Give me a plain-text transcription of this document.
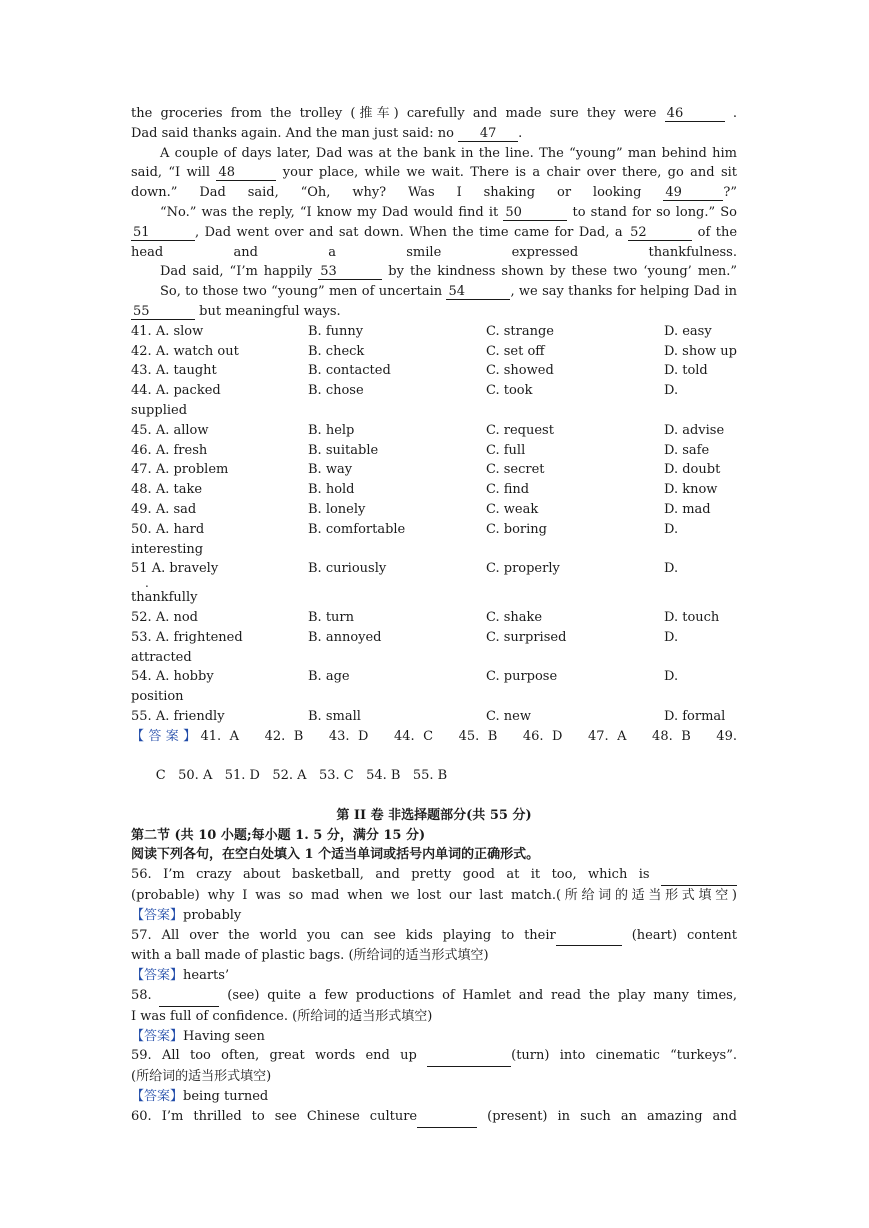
the groceries from the trolley (推车) carefully and made sure they were 46	.

Dad said thanks again. And the man just said: no 47 .

A couple of days later, Dad was at the bank in the line. The “young” man behind him said, “I will 48	your place, while we wait. There is a chair over there, go and sit down.” Dad said, “Oh, why? Was I shaking or looking 49	?”

“No.” was the reply, “I know my Dad would find it 50	to stand for so long.” So 51	, Dad went over and sat down. When the time came for Dad, a 52	of the head and a smile expressed thankfulness.

Dad said, “I’m happily 53	by the kindness shown by these two ‘young’ men.”

So, to those two “young” men of uncertain 54	, we say thanks for helping Dad in 55	but meaningful ways.

41. A. slow	B. funny	C. strange	D. easy
42. A. watch out	B. check	C. set off	D. show up
43. A. taught	B. contacted	C. showed	D. told
44. A. packed	B. chose	C. took	D.
supplied
45. A. allow	B. help	C. request	D. advise
46. A. fresh	B. suitable	C. full	D. safe
47. A. problem	B. way	C. secret	D. doubt
48. A. take	B. hold	C. find	D. know
49. A. sad	B. lonely	C. weak	D. mad
50. A. hard	B. comfortable	C. boring	D.
interesting
51 A. bravely	B. curiously	C. properly	D.
.
thankfully
52. A. nod	B. turn	C. shake	D. touch
53. A. frightened	B. annoyed	C. surprised	D.
attracted
54. A. hobby	B. age	C. purpose	D.
position
55. A. friendly	B. small	C. new	D. formal

【答案】41. A   42. B   43. D   44. C   45. B   46. D   47. A   48. B   49.

C   50. A   51. D   52. A   53. C   54. B   55. B

第 II 卷 非选择题部分(共 55 分)

第二节 (共 10 小题;每小题 1. 5 分，满分 15 分)

阅读下列各句，在空白处填入 1 个适当单词或括号内单词的正确形式。

56. I’m crazy about basketball, and pretty good at it too, which is

(probable) why I was so mad when we lost our last match.(所给词的适当形式填空)

【答案】probably

57. All over the world you can see kids playing to their	(heart) content

with a ball made of plastic bags. (所给词的适当形式填空)

【答案】hearts’

58.	(see) quite a few productions of Hamlet and read the play many times,

I was full of confidence. (所给词的适当形式填空)

【答案】Having seen

59. All too often, great words end up	(turn) into cinematic “turkeys”.

(所给词的适当形式填空)

【答案】being turned

60. I’m thrilled to see Chinese culture	(present) in such an amazing and
